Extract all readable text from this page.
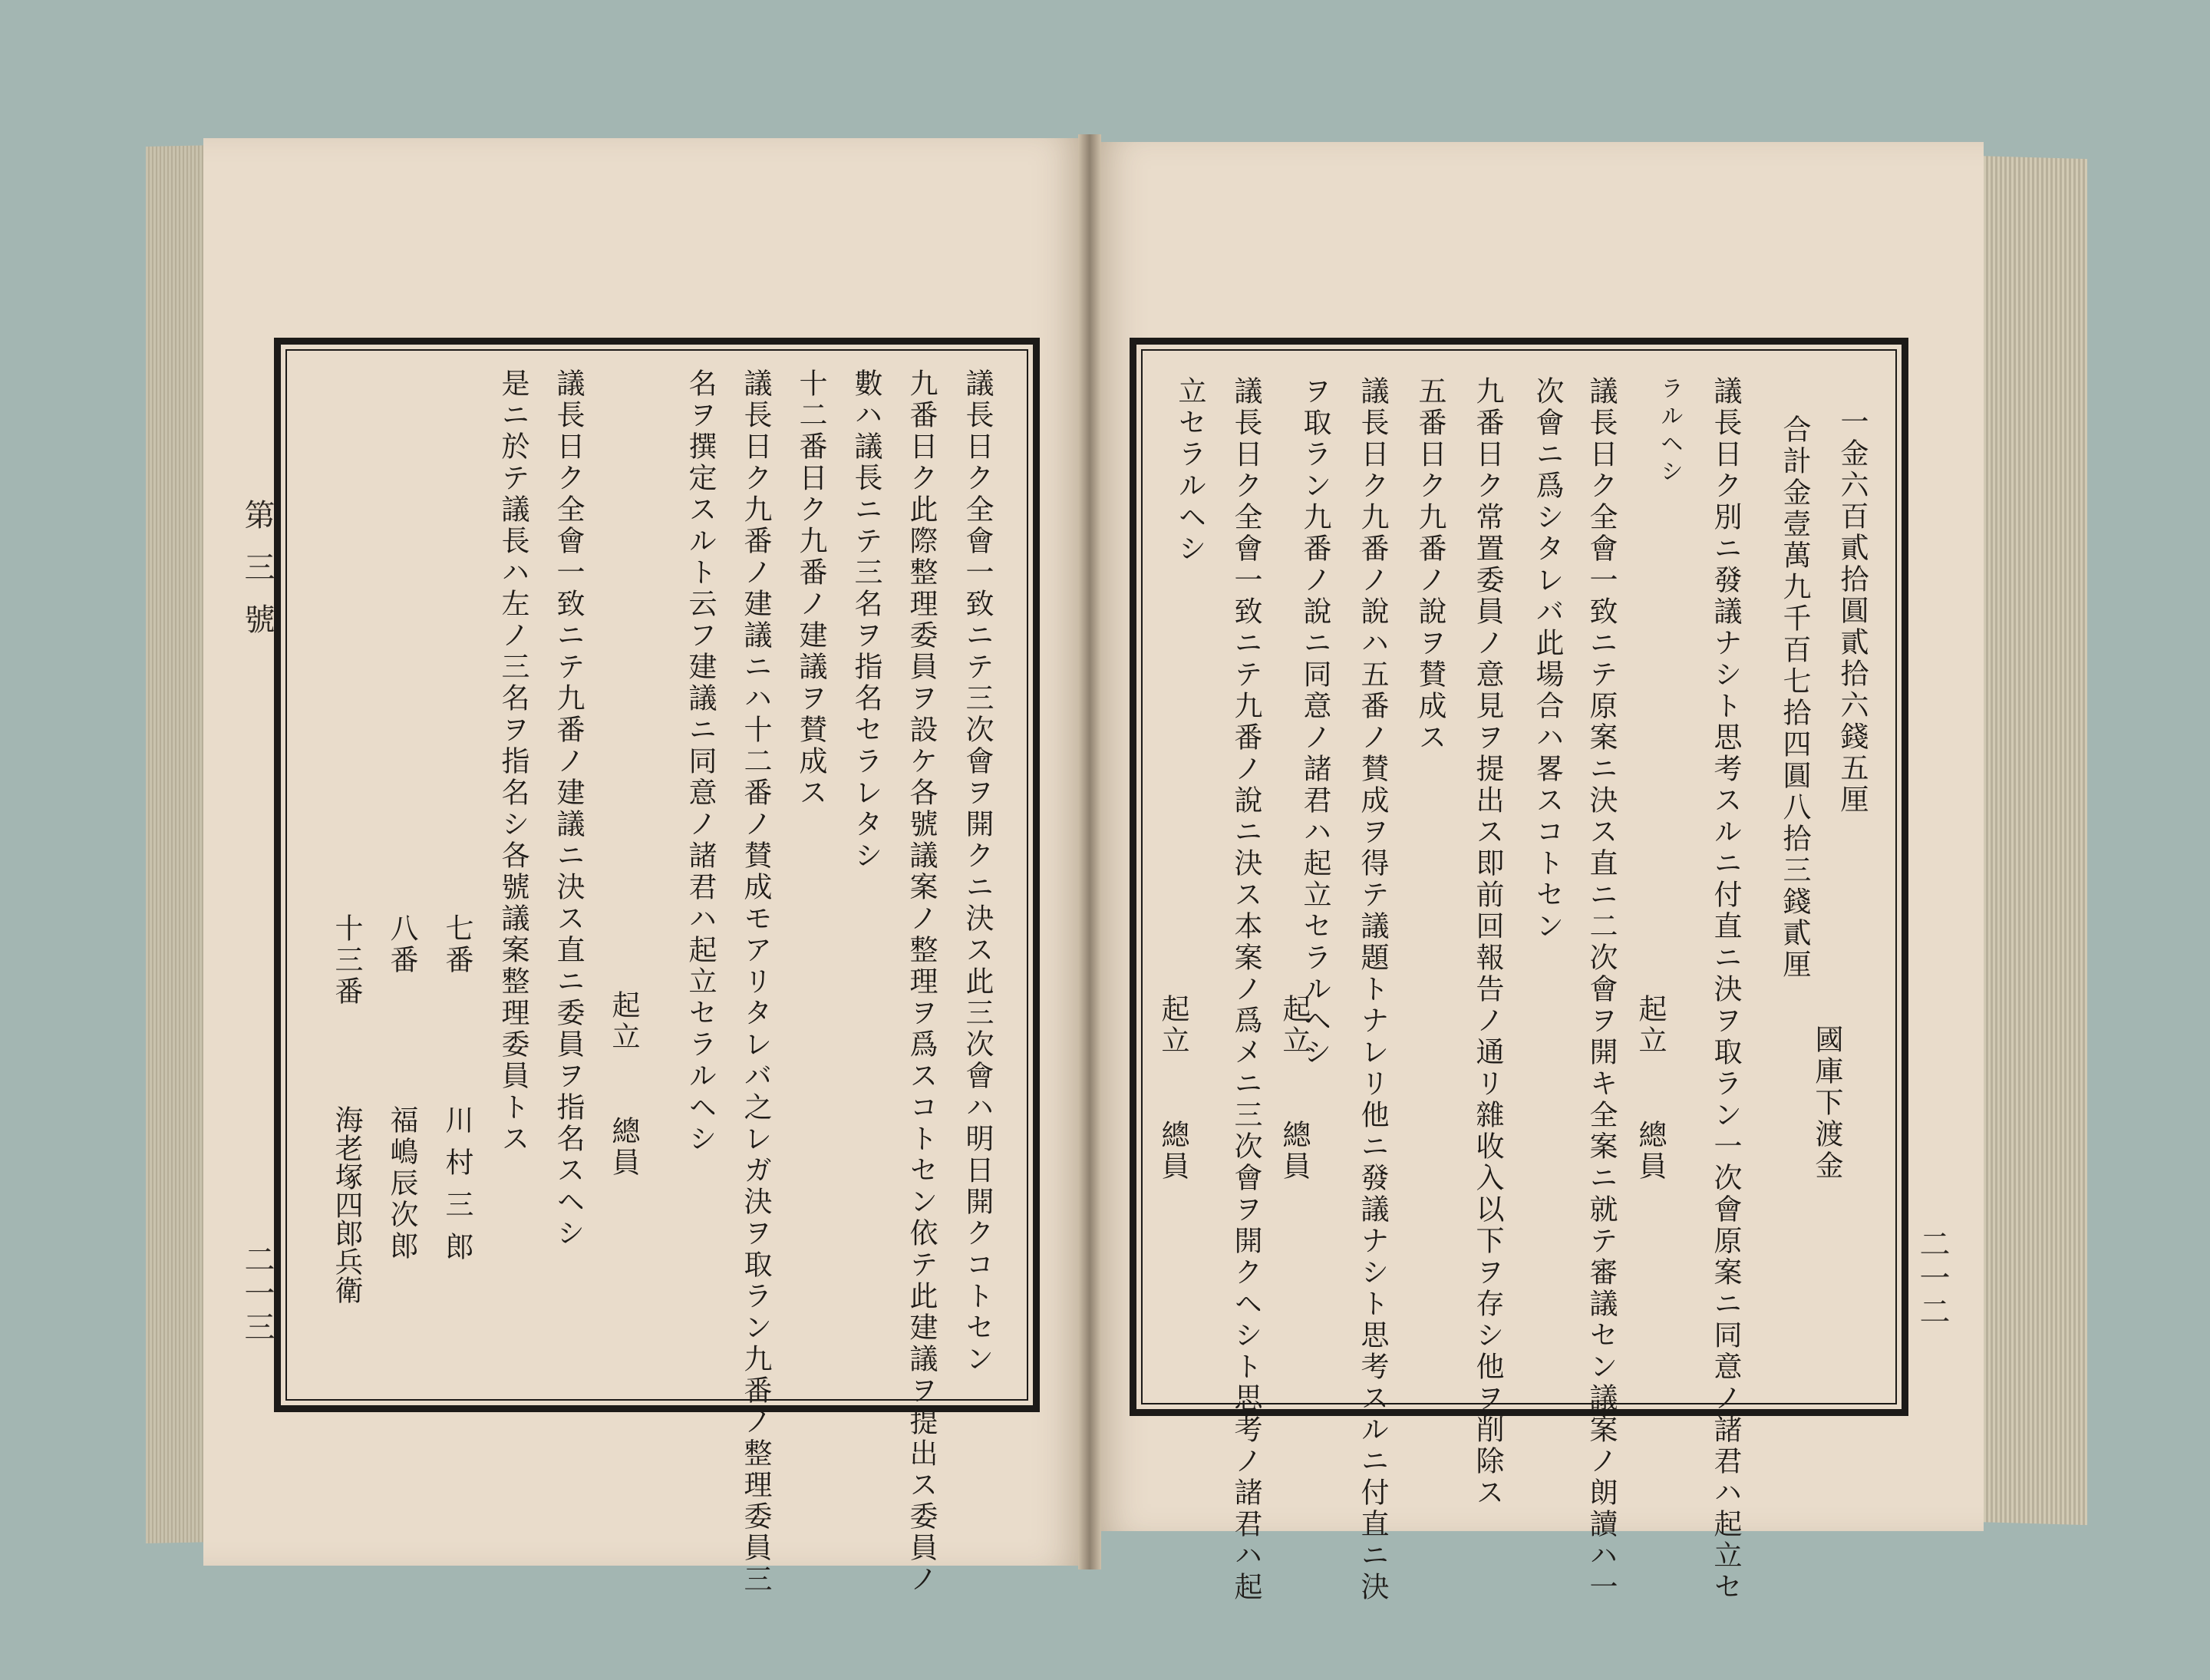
第三號
二一三	議長日ク全會一致ニテ三次會ヲ開クニ決ス此三次會ハ明日開クコトセン
九番日ク此際整理委員ヲ設ケ各號議案ノ整理ヲ爲スコトセン依テ此建議ヲ提出ス委員ノ
數ハ議長ニテ三名ヲ指名セラレタシ
十二番日ク九番ノ建議ヲ賛成ス
議長日ク九番ノ建議ニハ十二番ノ賛成モアリタレバ之レガ決ヲ取ラン九番ノ整理委員三
名ヲ撰定スルト云フ建議ニ同意ノ諸君ハ起立セラルヘシ
起立　　總員
議長日ク全會一致ニテ九番ノ建議ニ決ス直ニ委員ヲ指名スヘシ
是ニ於テ議長ハ左ノ三名ヲ指名シ各號議案整理委員トス
七番
川村三郎
八番
福嶋辰次郎
十三番
海老塚四郎兵衛	二一二
一金六百貳拾圓貳拾六錢五厘
合計金壹萬九千百七拾四圓八拾三錢貳厘
國庫下渡金
議長日ク別ニ發議ナシト思考スルニ付直ニ決ヲ取ラン一次會原案ニ同意ノ諸君ハ起立セ
ラルヘシ
起立　　總員
議長日ク全會一致ニテ原案ニ決ス直ニ二次會ヲ開キ全案ニ就テ審議セン議案ノ朗讀ハ一
次會ニ爲シタレバ此場合ハ畧スコトセン
九番日ク常置委員ノ意見ヲ提出ス即前回報告ノ通リ雜收入以下ヲ存シ他ヲ削除ス
五番日ク九番ノ說ヲ賛成ス
議長日ク九番ノ說ハ五番ノ賛成ヲ得テ議題トナレリ他ニ發議ナシト思考スルニ付直ニ決
ヲ取ラン九番ノ說ニ同意ノ諸君ハ起立セラルヘシ
起立　　總員
議長日ク全會一致ニテ九番ノ說ニ決ス本案ノ爲メニ三次會ヲ開クヘシト思考ノ諸君ハ起
立セラルヘシ
起立　　總員
